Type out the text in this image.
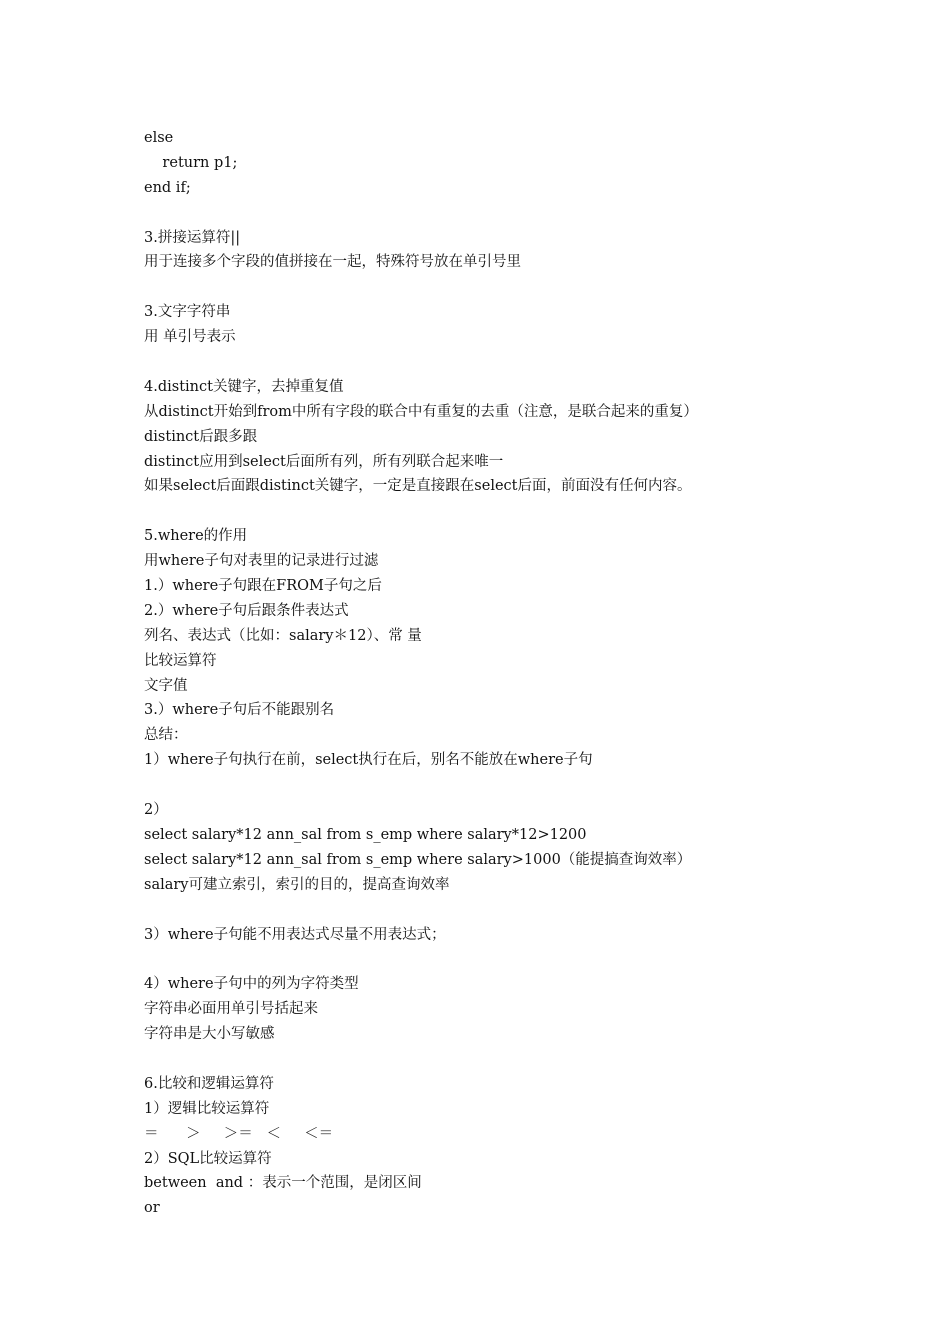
else
return p1;
end if;
3.拼接运算符||
用于连接多个字段的值拼接在一起，特殊符号放在单引号里
3.文字字符串
用 单引号表示
4.distinct关键字，去掉重复值
从distinct开始到from中所有字段的联合中有重复的去重（注意，是联合起来的重复）
distinct后跟多跟
distinct应用到select后面所有列，所有列联合起来唯一
如果select后面跟distinct关键字，一定是直接跟在select后面，前面没有任何内容。
5.where的作用
用where子句对表里的记录进行过滤
1.）where子句跟在FROM子句之后
2.）where子句后跟条件表达式
列名、表达式（比如：salary＊12）、常 量
比较运算符
文字值
3.）where子句后不能跟别名
总结：
1）where子句执行在前，select执行在后，别名不能放在where子句
2）
select salary*12 ann_sal from s_emp where salary*12>1200
select salary*12 ann_sal from s_emp where salary>1000（能提搞查询效率）
salary可建立索引，索引的目的，提高查询效率
3）where子句能不用表达式尽量不用表达式；
4）where子句中的列为字符类型
字符串必面用单引号括起来
字符串是大小写敏感
6.比较和逻辑运算符
1）逻辑比较运算符
＝      ＞     ＞＝   ＜     ＜＝
2）SQL比较运算符
between  and ：表示一个范围，是闭区间
or
